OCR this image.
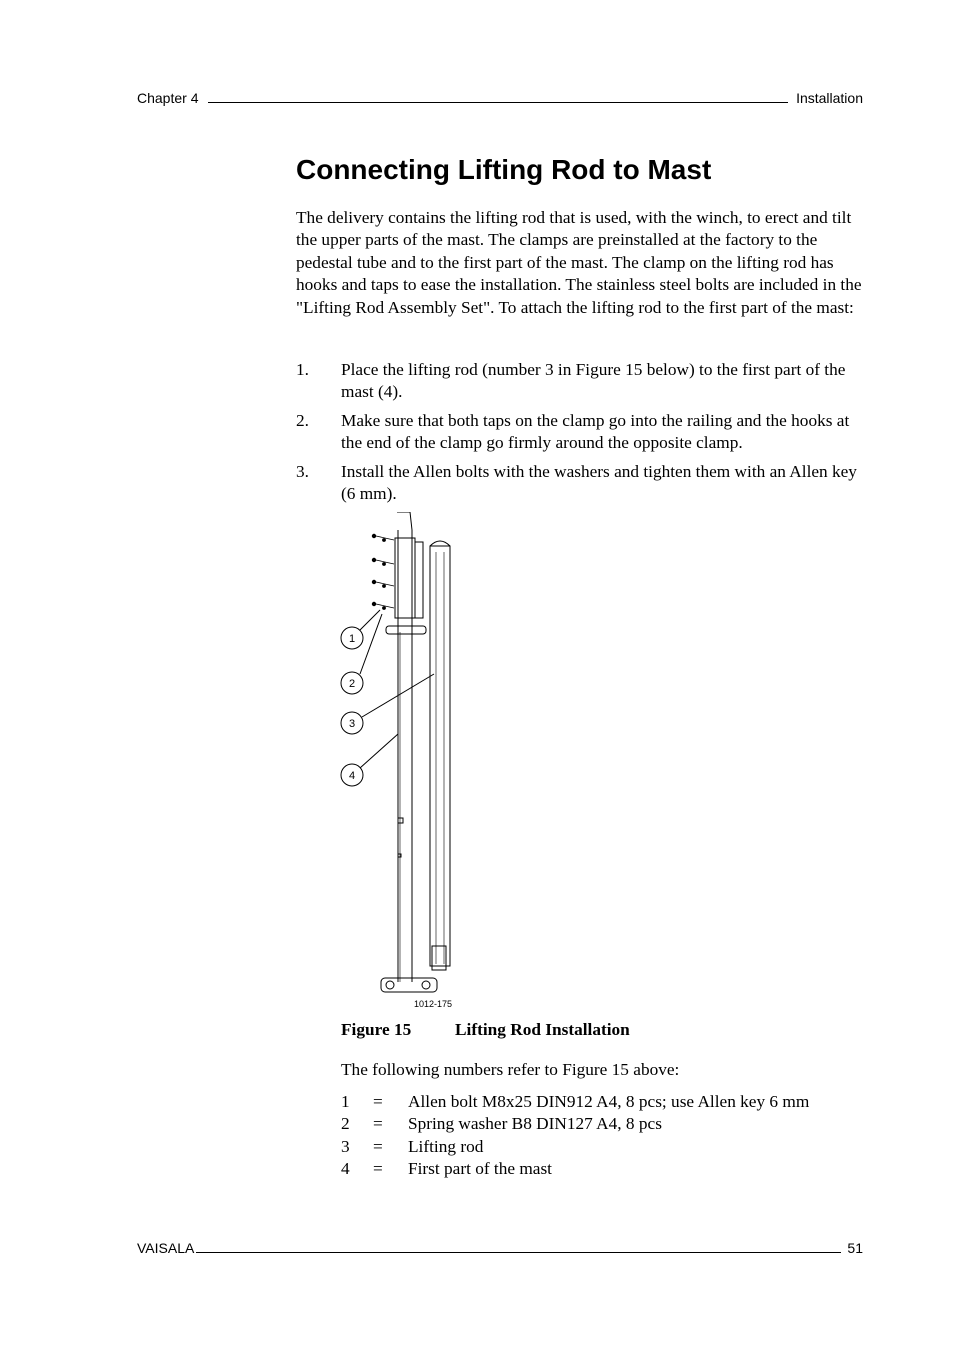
Chapter 4	Installation
Connecting Lifting Rod to Mast

The delivery contains the lifting rod that is used, with the winch, to erect and tilt the upper parts of the mast. The clamps are preinstalled at the factory to the pedestal tube and to the first part of the mast. The clamp on the lifting rod has hooks and taps to ease the installation. The stainless steel bolts are included in the "Lifting Rod Assembly Set". To attach the lifting rod to the first part of the mast:

1.	Place the lifting rod (number 3 in Figure 15 below) to the first part of the mast (4).
2.	Make sure that both taps on the clamp go into the railing and the hooks at the end of the clamp go firmly around the opposite clamp.
3.	Install the Allen bolts with the washers and tighten them with an Allen key (6 mm).
1
2
3
4
1012-175

Figure 15	Lifting Rod Installation

The following numbers refer to Figure 15 above:

1	=	Allen bolt M8x25 DIN912 A4, 8 pcs; use Allen key 6 mm
2	=	Spring washer B8 DIN127 A4, 8 pcs
3	=	Lifting rod
4	=	First part of the mast
VAISALA	51
